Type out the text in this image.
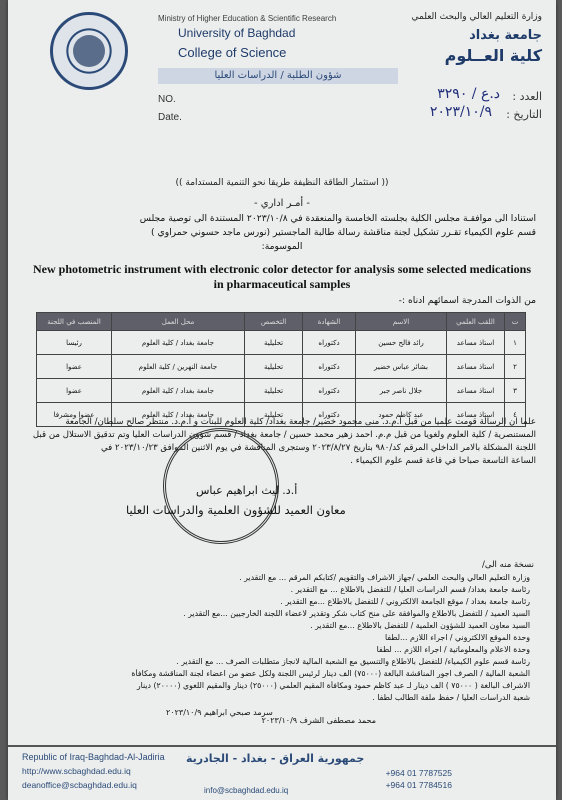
Ministry of Higher Education & Scientific Research
University of Baghdad
College of Science
وزارة التعليم العالي والبحث العلمي
جامعة بغداد
كلية العــلوم
شؤون الطلبة / الدراسات العليا
NO.
Date.
العدد :
التاريخ :
د.ع / ٣٢٩٠
٢٠٢٣/١٠/٩
(( استثمار الطاقة النظيفة طريقا نحو التنمية المستدامة ))
- أمـر اداري -
استنادا الى موافقـة مجلس الكلية بجلسته الخامسة والمنعقدة في ٢٠٢٣/١٠/٨ المستندة الى توصية مجلس
قسم علوم الكيمياء تقـرر تشكيل لجنة مناقشة رسالة طالبة الماجستير (نورس ماجد حسوني حمراوي )
الموسومة:
New photometric instrument with electronic color detector for analysis some selected medications in pharmaceutical samples
من الذوات المدرجة اسمائهم ادناه :-
ت	اللقب العلمي	الاسم	الشهادة	التخصص	محل العمل	المنصب في اللجنة
١	استاذ مساعد	رائد فالح حسين	دكتوراه	تحليلية	جامعة بغداد / كلية العلوم	رئيسا
٢	استاذ مساعد	بشائر عباس خضير	دكتوراه	تحليلية	جامعة النهرين / كلية العلوم	عضوا
٣	استاذ مساعد	جلال ناصر جبر	دكتوراه	تحليلية	جامعة بغداد / كلية العلوم	عضوا
٤	استاذ مساعد	عبد كاظم حمود	دكتوراه	تحليلية	جامعة بغداد / كلية العلوم	عضوا ومشرفا
علما ان الرسالة قومت علميا من قبل أ.م.د. منى محمود خضير/ جامعة بغداد/ كلية العلوم للبنات و أ.م.د. منتظر صالح سلطان/ الجامعة
المستنصرية / كلية العلوم ولغويا من قبل م.م. احمد زهير محمد حسين / جامعة بغداد / قسم شؤون الدراسات العليا وتم تدقيق الاستلال من قبل
اللجنة المشكلة بالامر الداخلي المرقم كد/٩٨٠ بتاريخ ٢٠٢٣/٨/٢٧ وستجرى المناقشة في يوم الاثنين الموافق ٢٠٢٣/١٠/٢٣ في
الساعة التاسعة صباحا في قاعة قسم علوم الكيمياء .
أ.د. ليث ابراهيم عباس
معاون العميد للشؤون العلمية والدراسات العليا
نسخة منه الى/
وزارة التعليم العالي والبحث العلمي /جهاز الاشراف والتقويم /كتابكم المرقم ... مع التقدير .
رئاسة جامعة بغداد/ قسم الدراسات العليا / للتفضل بالاطلاع ... مع التقدير .
رئاسة جامعة بغداد / موقع الجامعة الالكتروني / للتفضل بالاطلاع ...مع التقدير .
السيد العميد / للتفضل بالاطلاع والموافقة على منح كتاب شكر وتقدير لاعضاء اللجنة الخارجيين ...مع التقدير .
السيد معاون العميد للشؤون العلمية / للتفضل بالاطلاع ...مع التقدير .
وحدة الموقع الالكتروني / اجراء اللازم ...لطفا
وحدة الاعلام والمعلوماتية / اجراء اللازم ... لطفا
رئاسة قسم علوم الكيمياء/ للتفضل بالاطلاع والتنسيق مع الشعبة المالية لانجاز متطلبات الصرف ... مع التقدير .
الشعبة المالية / الصرف اجور المناقشة البالغة (٧٥٠٠٠) الف دينار لرئيس اللجنة ولكل عضو من اعضاء لجنة المناقشة ومكافأة
الاشراف البالغة ( ٧٥٠٠٠ ) الف دينار لـ عبد كاظم حمود ومكافأة المقيم العلمي (٢٥٠٠٠) دينار والمقيم اللغوي (٢٠٠٠٠) دينار
شعبة الدراسات العليا / حفظ ملفة الطالب لطفا .
سرمد صبحي ابراهيم ٢٠٢٣/١٠/٩
محمد مصطفى الشرف ٢٠٢٣/١٠/٩
Republic of Iraq-Baghdad-Al-Jadiria
http://www.scbaghdad.edu.iq
deanoffice@scbaghdad.edu.iq
جمهورية العراق - بغداد - الجادرية
+964 01 7787525
+964 01 7784516
info@scbaghdad.edu.iq
